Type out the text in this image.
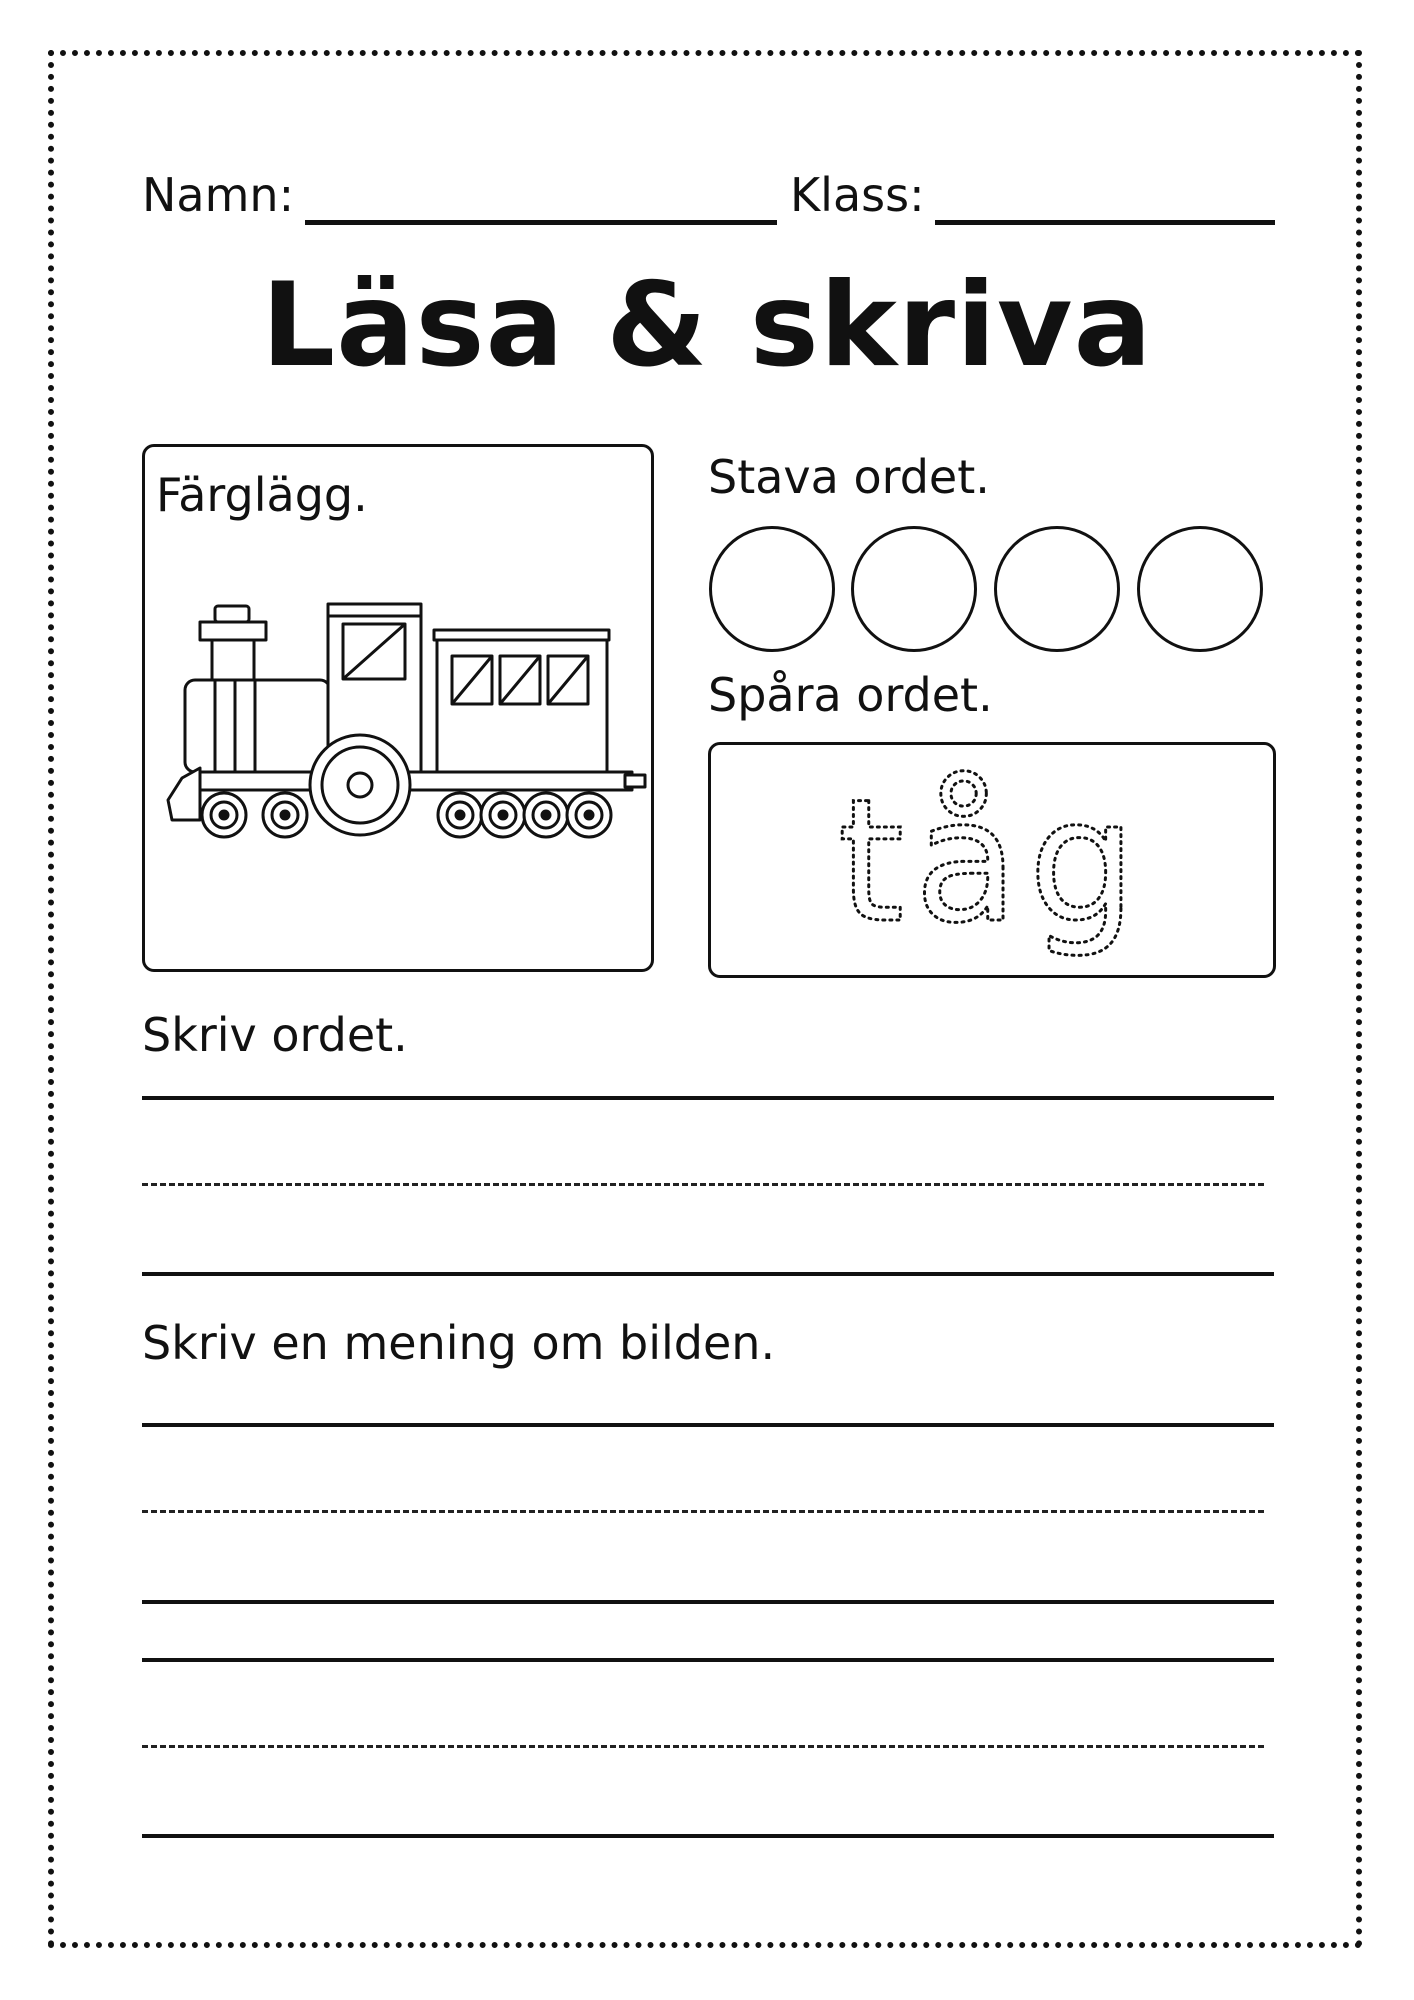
Namn:	Klass:
Läsa & skriva
Färglägg.	Stava ordet.
Spåra ordet.
tåg
Skriv ordet.
Skriv en mening om bilden.
